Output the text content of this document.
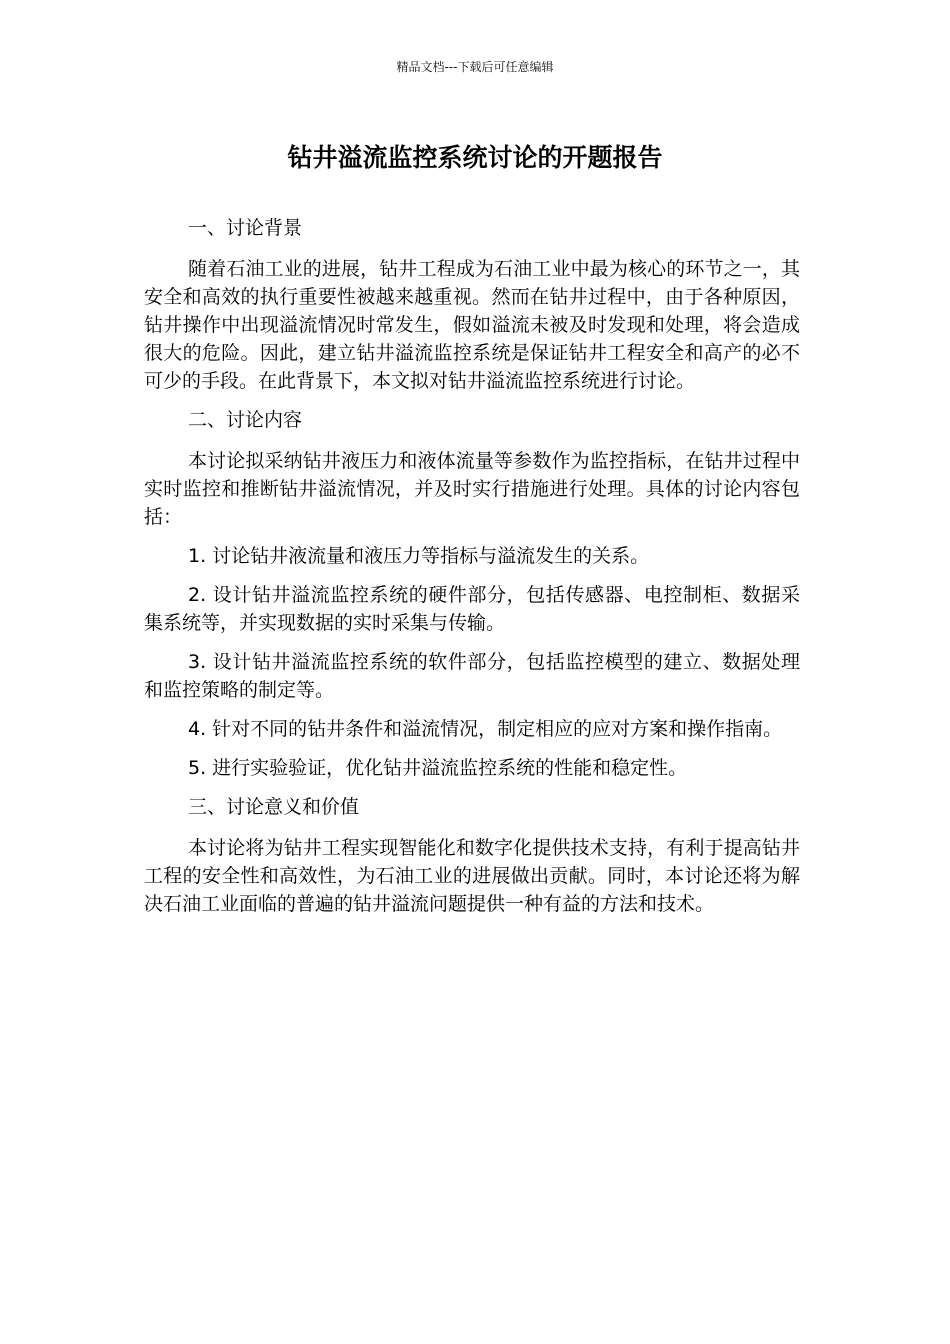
精品文档---下载后可任意编辑
钻井溢流监控系统讨论的开题报告

一、讨论背景

随着石油工业的进展，钻井工程成为石油工业中最为核心的环节之一，其安全和高效的执行重要性被越来越重视。然而在钻井过程中，由于各种原因，钻井操作中出现溢流情况时常发生，假如溢流未被及时发现和处理，将会造成很大的危险。因此，建立钻井溢流监控系统是保证钻井工程安全和高产的必不可少的手段。在此背景下，本文拟对钻井溢流监控系统进行讨论。

二、讨论内容

本讨论拟采纳钻井液压力和液体流量等参数作为监控指标，在钻井过程中实时监控和推断钻井溢流情况，并及时实行措施进行处理。具体的讨论内容包括：

1. 讨论钻井液流量和液压力等指标与溢流发生的关系。

2. 设计钻井溢流监控系统的硬件部分，包括传感器、电控制柜、数据采集系统等，并实现数据的实时采集与传输。

3. 设计钻井溢流监控系统的软件部分，包括监控模型的建立、数据处理和监控策略的制定等。

4. 针对不同的钻井条件和溢流情况，制定相应的应对方案和操作指南。

5. 进行实验验证，优化钻井溢流监控系统的性能和稳定性。

三、讨论意义和价值

本讨论将为钻井工程实现智能化和数字化提供技术支持，有利于提高钻井工程的安全性和高效性，为石油工业的进展做出贡献。同时，本讨论还将为解决石油工业面临的普遍的钻井溢流问题提供一种有益的方法和技术。
